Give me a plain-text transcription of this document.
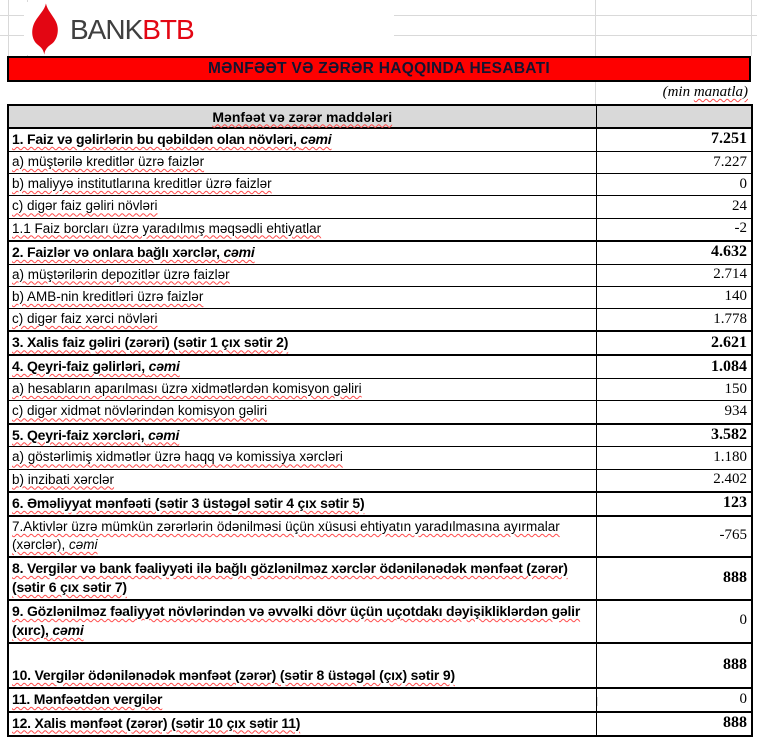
BANKBTB
MƏNFƏƏT VƏ ZƏRƏR HAQQINDA HESABATI
(min manatla)
Mənfəət və zərər maddələri	
1. Faiz və gəlirlərin bu qəbildən olan növləri, cəmi	7.251
a) müştərilə kreditlər üzrə faizlər	7.227
b) maliyyə institutlarına kreditlər üzrə faizlər	0
c) digər faiz gəliri növləri	24
1.1 Faiz borcları üzrə yaradılmış məqsədli ehtiyatlar	-2
2. Faizlər və onlara bağlı xərclər, cəmi	4.632
a) müştərilərin depozitlər üzrə faizlər	2.714
b) AMB-nin kreditləri üzrə faizlər	140
c) digər faiz xərci növləri	1.778
3. Xalis faiz gəliri (zərəri) (sətir 1 çıx sətir 2)	2.621
4. Qeyri-faiz gəlirləri, cəmi	1.084
a) hesabların aparılması üzrə xidmətlərdən komisyon gəliri	150
c) digər xidmət növlərindən komisyon gəliri	934
5. Qeyri-faiz xərcləri, cəmi	3.582
a) göstərlimiş xidmətlər üzrə haqq və komissiya xərcləri	1.180
b) inzibati xərclər	2.402
6. Əməliyyat mənfəəti (sətir 3 üstəgəl sətir 4 çıx sətir 5)	123
7.Aktivlər üzrə mümkün zərərlərin ödənilməsi üçün xüsusi ehtiyatın yaradılmasına ayırmalar (xərclər), cəmi	-765
8. Vergilər və bank fəaliyyəti ilə bağlı gözlənilməz xərclər ödənilənədək mənfəət (zərər) (sətir 6 çıx sətir 7)	888
9. Gözlənilməz fəaliyyət növlərindən və əvvəlki dövr üçün uçotdakı dəyişikliklərdən gəlir (xırc), cəmi	0
10. Vergilər ödənilənədək mənfəət (zərər) (sətir 8 üstəgəl (çıx) sətir 9)	888
11. Mənfəətdən vergilər	0
12. Xalis mənfəət (zərər) (sətir 10 çıx sətir 11)	888
